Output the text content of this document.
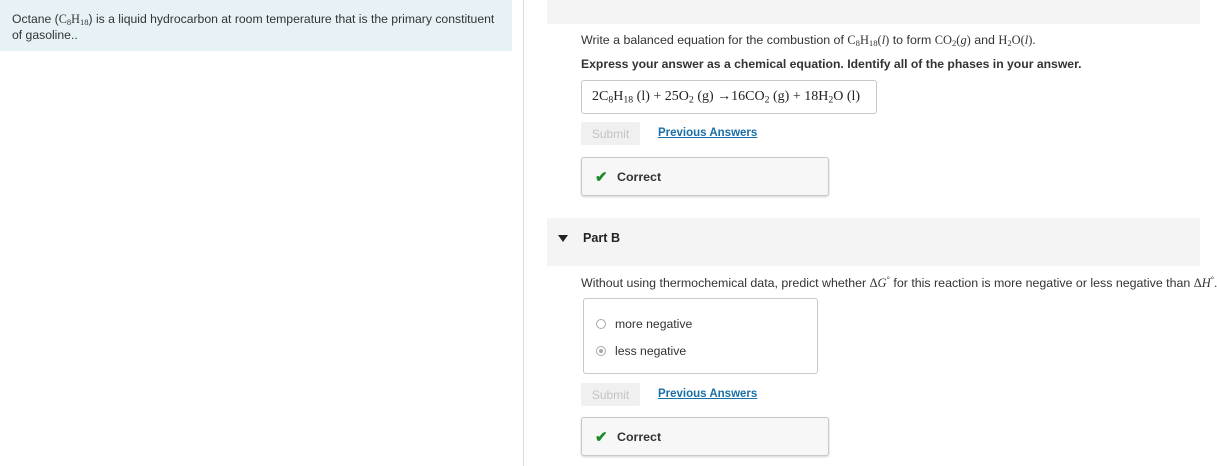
Octane $(C_8H_{18})$ is a liquid hydrocarbon at room temperature that is the primary constituent of gasoline..	Write a balanced equation for the combustion of $C_8H_{18}(l)$ to form $CO_2(g)$ and $H_2O(l)$.
Express your answer as a chemical equation. Identify all of the phases in your answer.
$2C_8H_{18}$ $(l) + 25O_2$ $(g) \to 16CO_2$ $(g) + 18H_2O$ (l)
Submit	Previous Answers
✔ Correct
Part B
Without using thermochemical data, predict whether ΔG° for this reaction is more negative or less negative than ΔH°.
more negative
less negative
Submit	Previous Answers
✔ Correct
